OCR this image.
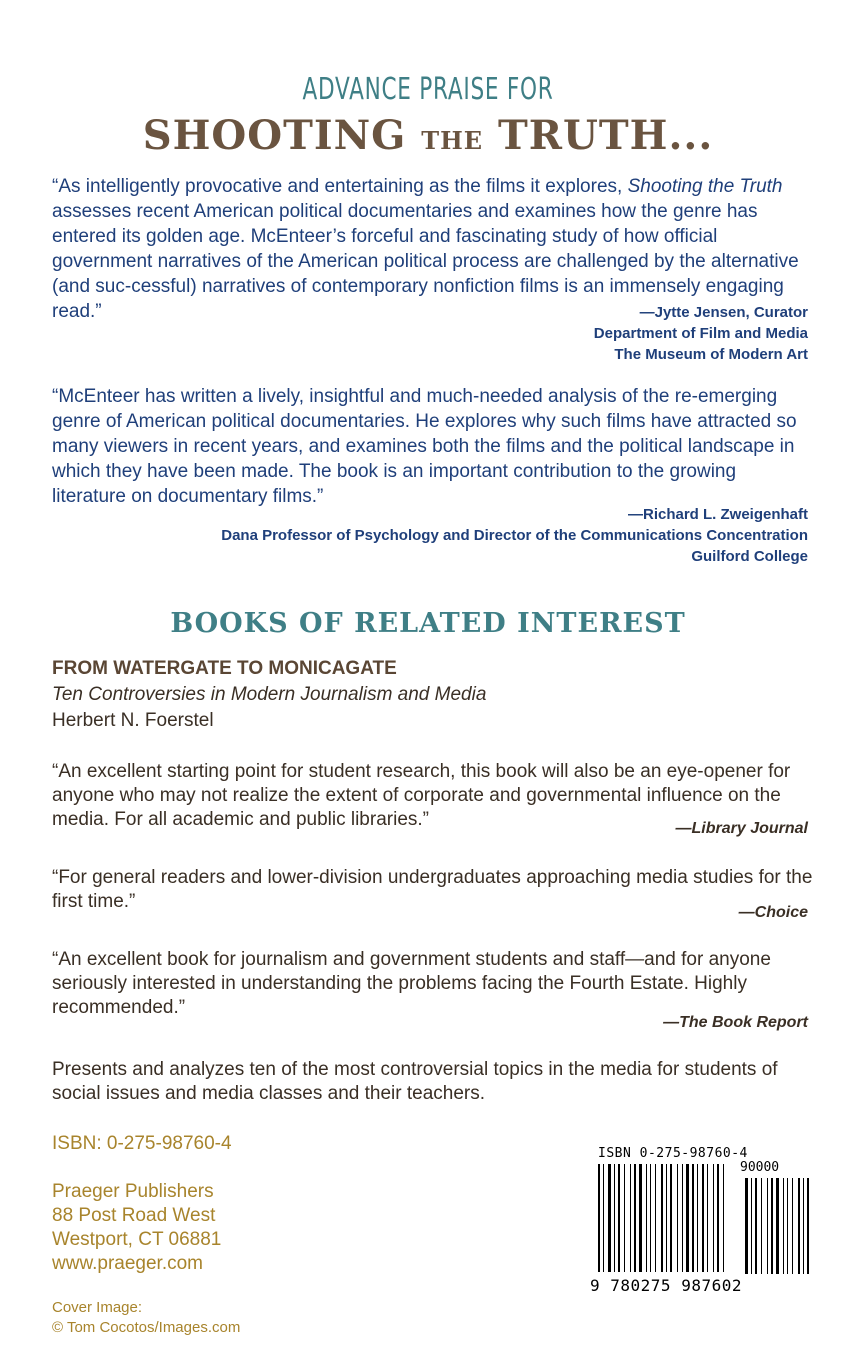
ADVANCE PRAISE FOR
SHOOTING THE TRUTH...

“As intelligently provocative and entertaining as the films it explores, Shooting the Truth assesses recent American political documentaries and examines how the genre has entered its golden age. McEnteer’s forceful and fascinating study of how official government narratives of the American political process are challenged by the alternative (and suc-cessful) narratives of contemporary nonfiction films is an immensely engaging read.”	—Jytte Jensen, Curator
Department of Film and Media
The Museum of Modern Art

“McEnteer has written a lively, insightful and much-needed analysis of the re-emerging genre of American political documentaries. He explores why such films have attracted so many viewers in recent years, and examines both the films and the political landscape in which they have been made. The book is an important contribution to the growing literature on documentary films.”

—Richard L. Zweigenhaft
Dana Professor of Psychology and Director of the Communications Concentration
Guilford College
BOOKS OF RELATED INTEREST
FROM WATERGATE TO MONICAGATE
Ten Controversies in Modern Journalism and Media
Herbert N. Foerstel

“An excellent starting point for student research, this book will also be an eye-opener for anyone who may not realize the extent of corporate and governmental influence on the media. For all academic and public libraries.”	—Library Journal

“For general readers and lower-division undergraduates approaching media studies for the first time.”

—Choice

“An excellent book for journalism and government students and staff—and for anyone seriously interested in understanding the problems facing the Fourth Estate. Highly recommended.”

—The Book Report

Presents and analyzes ten of the most controversial topics in the media for students of social issues and media classes and their teachers.

ISBN: 0-275-98760-4
Praeger Publishers
88 Post Road West
Westport, CT 06881
www.praeger.com
Cover Image:
© Tom Cocotos/Images.com
ISBN 0-275-98760-4
90000
9 780275 987602
